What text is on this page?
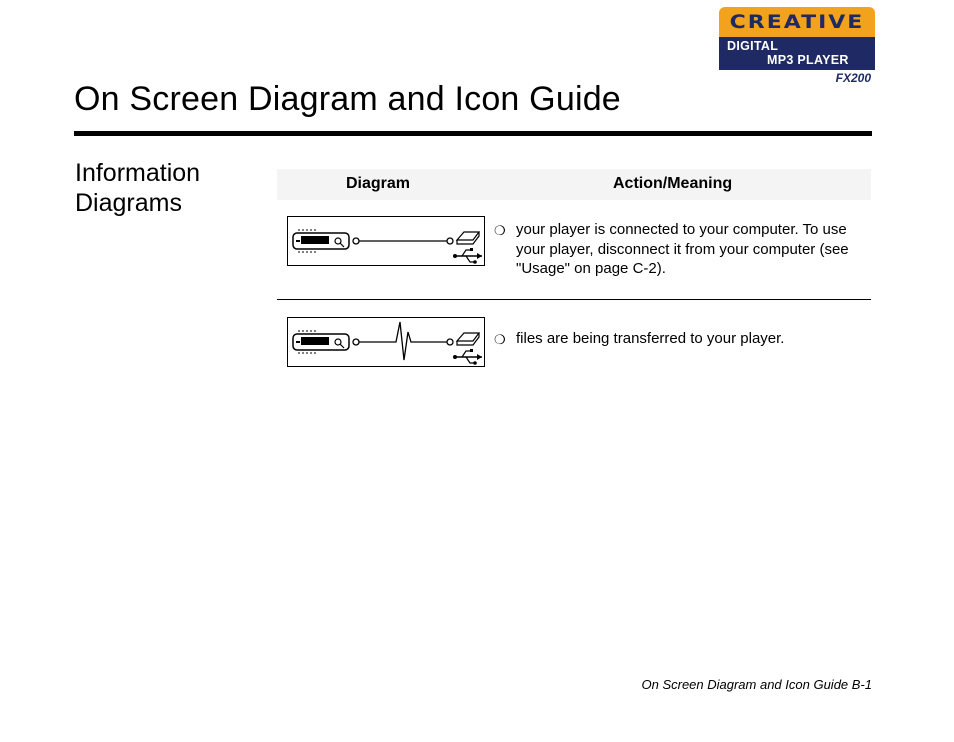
CREATIVE
DIGITAL
MP3 PLAYER
FX200
On Screen Diagram and Icon Guide
Information Diagrams
Diagram	Action/Meaning
❍ your player is connected to your computer. To use your player, disconnect it from your computer (see "Usage" on page C-2).
❍ files are being transferred to your player.
On Screen Diagram and Icon Guide B-1
